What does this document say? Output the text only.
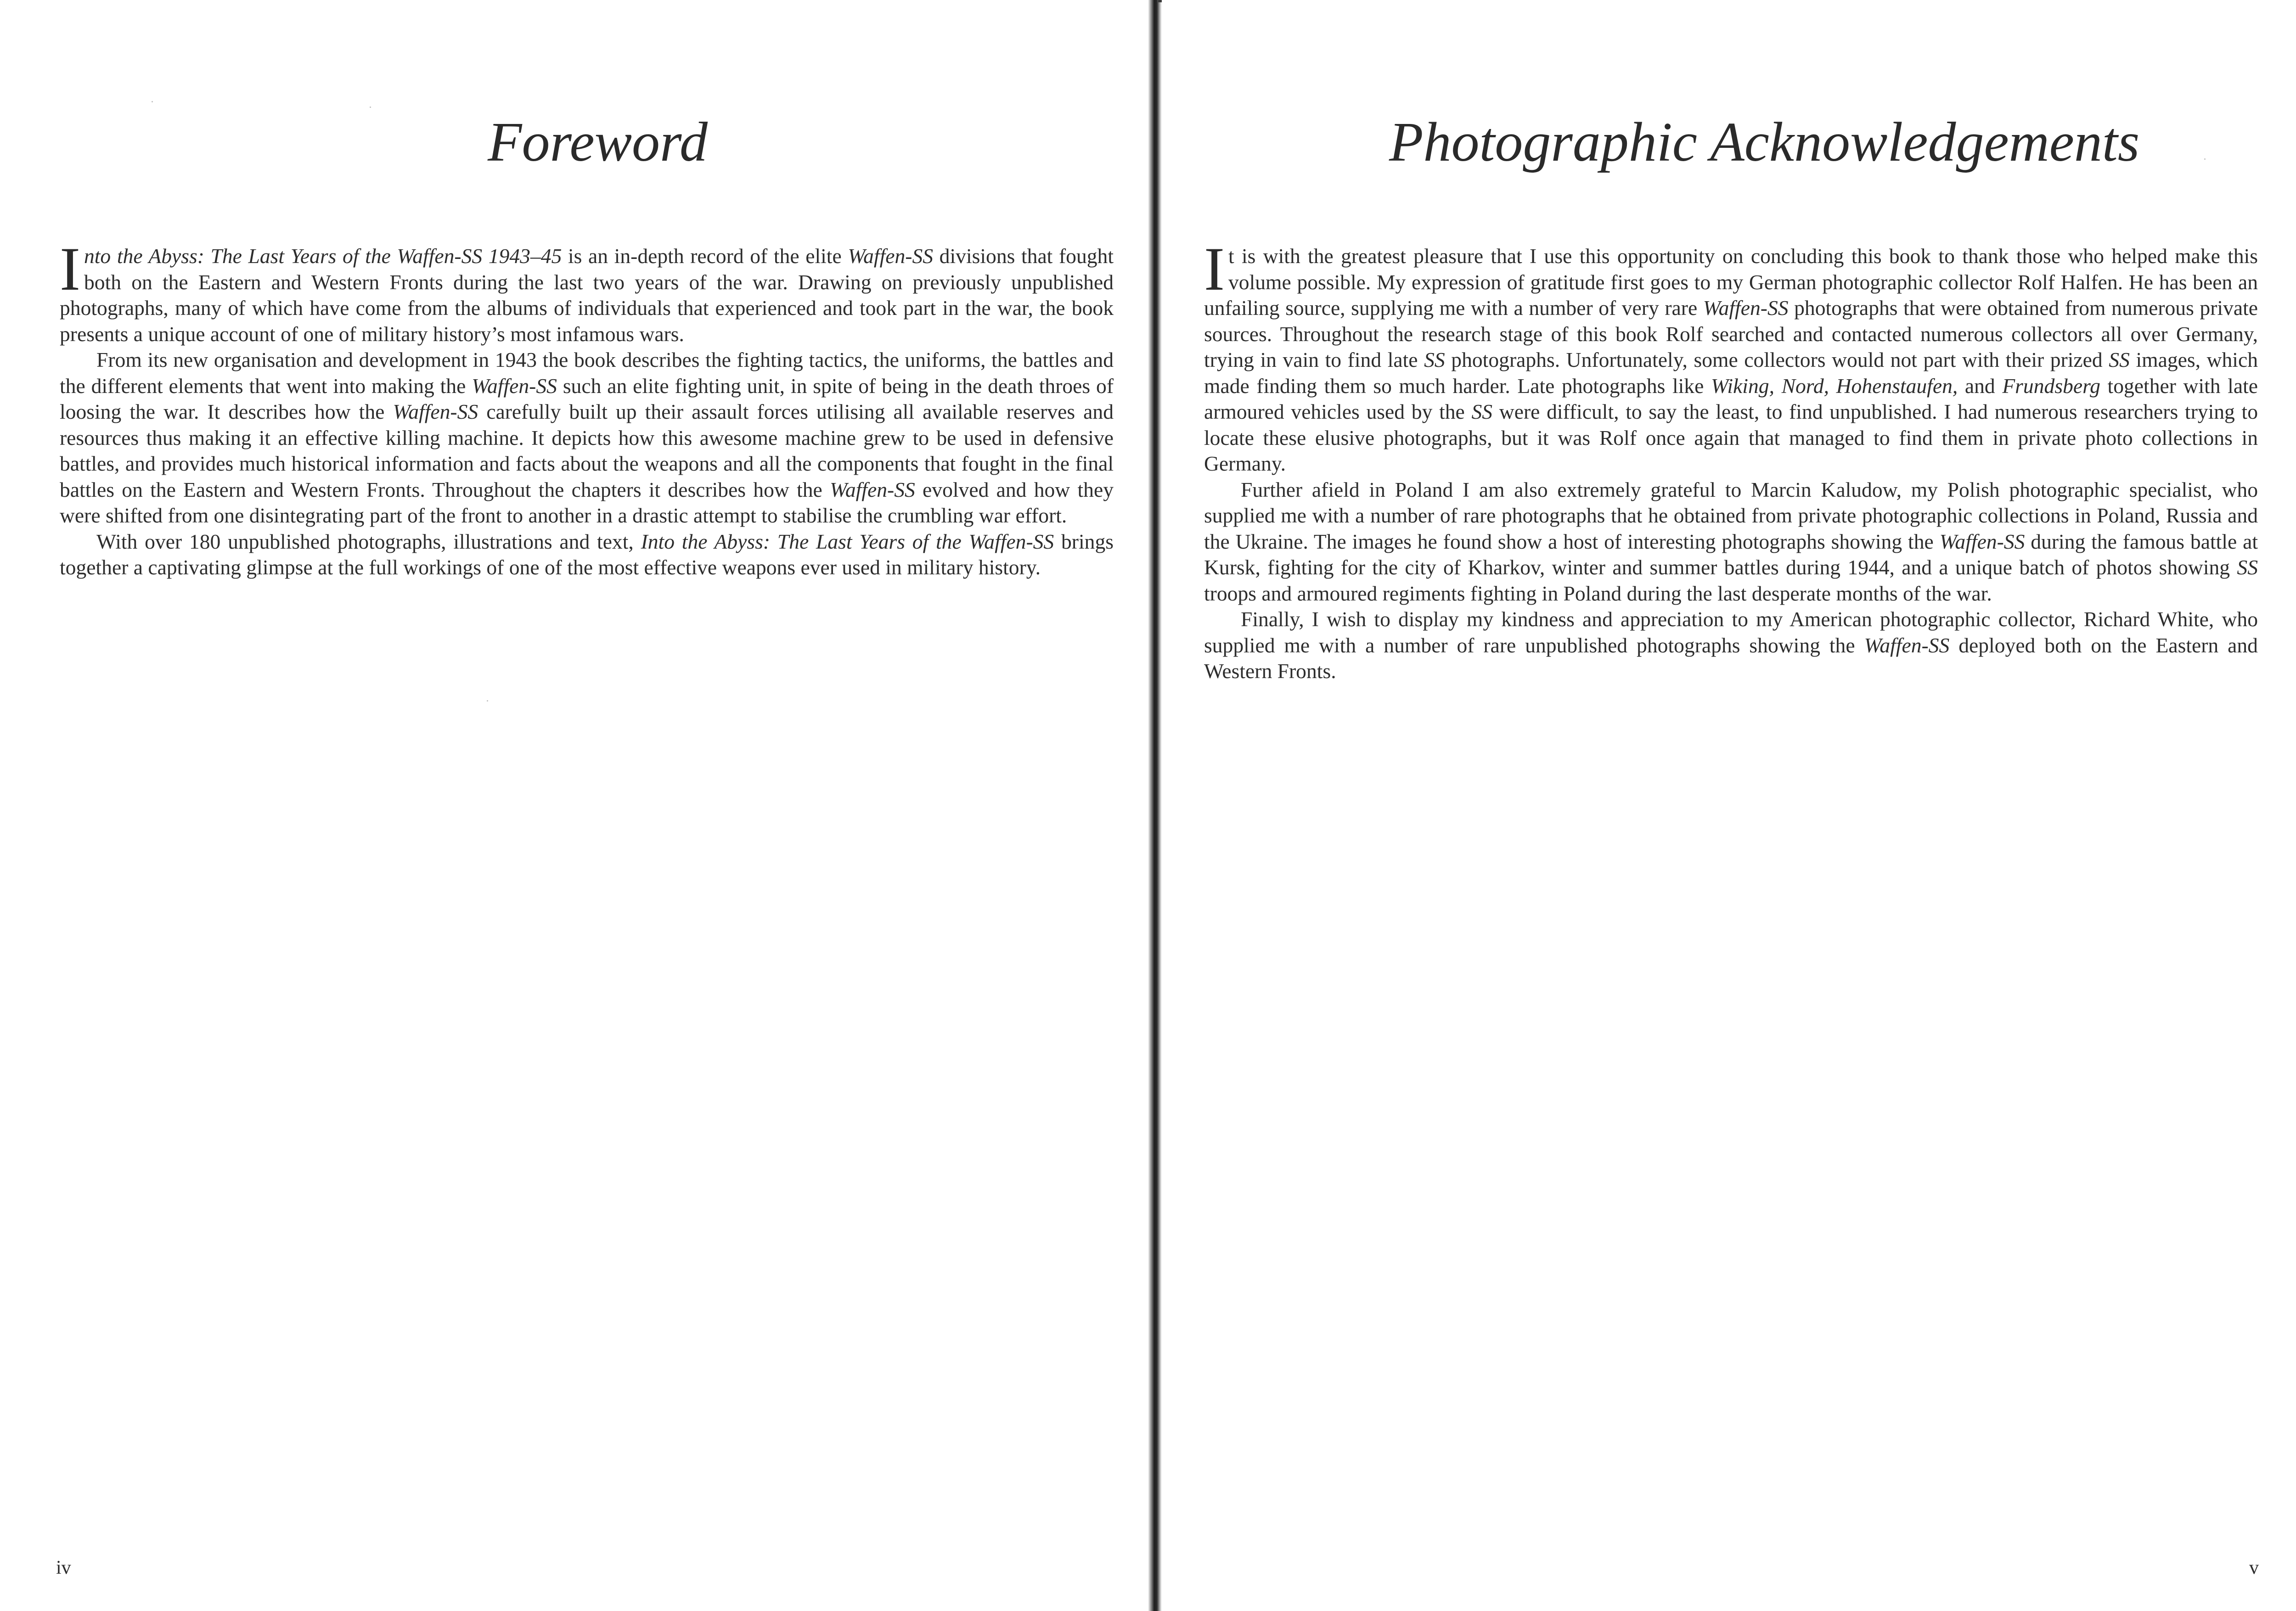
Foreword

Into the Abyss: The Last Years of the Waffen-SS 1943–45 is an in-depth record of the elite Waffen-SS divisions that fought both on the Eastern and Western Fronts during the last two years of the war. Drawing on previously unpublished photographs, many of which have come from the albums of individuals that experienced and took part in the war, the book presents a unique account of one of military history’s most infamous wars.

From its new organisation and development in 1943 the book describes the fighting tactics, the uniforms, the battles and the different elements that went into making the Waffen-SS such an elite fighting unit, in spite of being in the death throes of loosing the war. It describes how the Waffen-SS carefully built up their assault forces utilising all available reserves and resources thus making it an effective killing machine. It depicts how this awesome machine grew to be used in defensive battles, and provides much historical information and facts about the weapons and all the components that fought in the final battles on the Eastern and Western Fronts. Throughout the chapters it describes how the Waffen-SS evolved and how they were shifted from one disintegrating part of the front to another in a drastic attempt to stabilise the crumbling war effort.

With over 180 unpublished photographs, illustrations and text, Into the Abyss: The Last Years of the Waffen-SS brings together a captivating glimpse at the full workings of one of the most effective weapons ever used in military history.

iv
Photographic Acknowledgements

It is with the greatest pleasure that I use this opportunity on concluding this book to thank those who helped make this volume possible. My expression of gratitude first goes to my German photographic collector Rolf Halfen. He has been an unfailing source, supplying me with a number of very rare Waffen-SS photographs that were obtained from numerous private sources. Throughout the research stage of this book Rolf searched and contacted numerous collectors all over Germany, trying in vain to find late SS photographs. Unfortunately, some collectors would not part with their prized SS images, which made finding them so much harder. Late photographs like Wiking, Nord, Hohenstaufen, and Frundsberg together with late armoured vehicles used by the SS were difficult, to say the least, to find unpublished. I had numerous researchers trying to locate these elusive photographs, but it was Rolf once again that managed to find them in private photo collections in Germany.

Further afield in Poland I am also extremely grateful to Marcin Kaludow, my Polish photographic specialist, who supplied me with a number of rare photographs that he obtained from private photographic collections in Poland, Russia and the Ukraine. The images he found show a host of interesting photographs showing the Waffen-SS during the famous battle at Kursk, fighting for the city of Kharkov, winter and summer battles during 1944, and a unique batch of photos showing SS troops and armoured regiments fighting in Poland during the last desperate months of the war.

Finally, I wish to display my kindness and appreciation to my American photographic collector, Richard White, who supplied me with a number of rare unpublished photographs showing the Waffen-SS deployed both on the Eastern and Western Fronts.

v
